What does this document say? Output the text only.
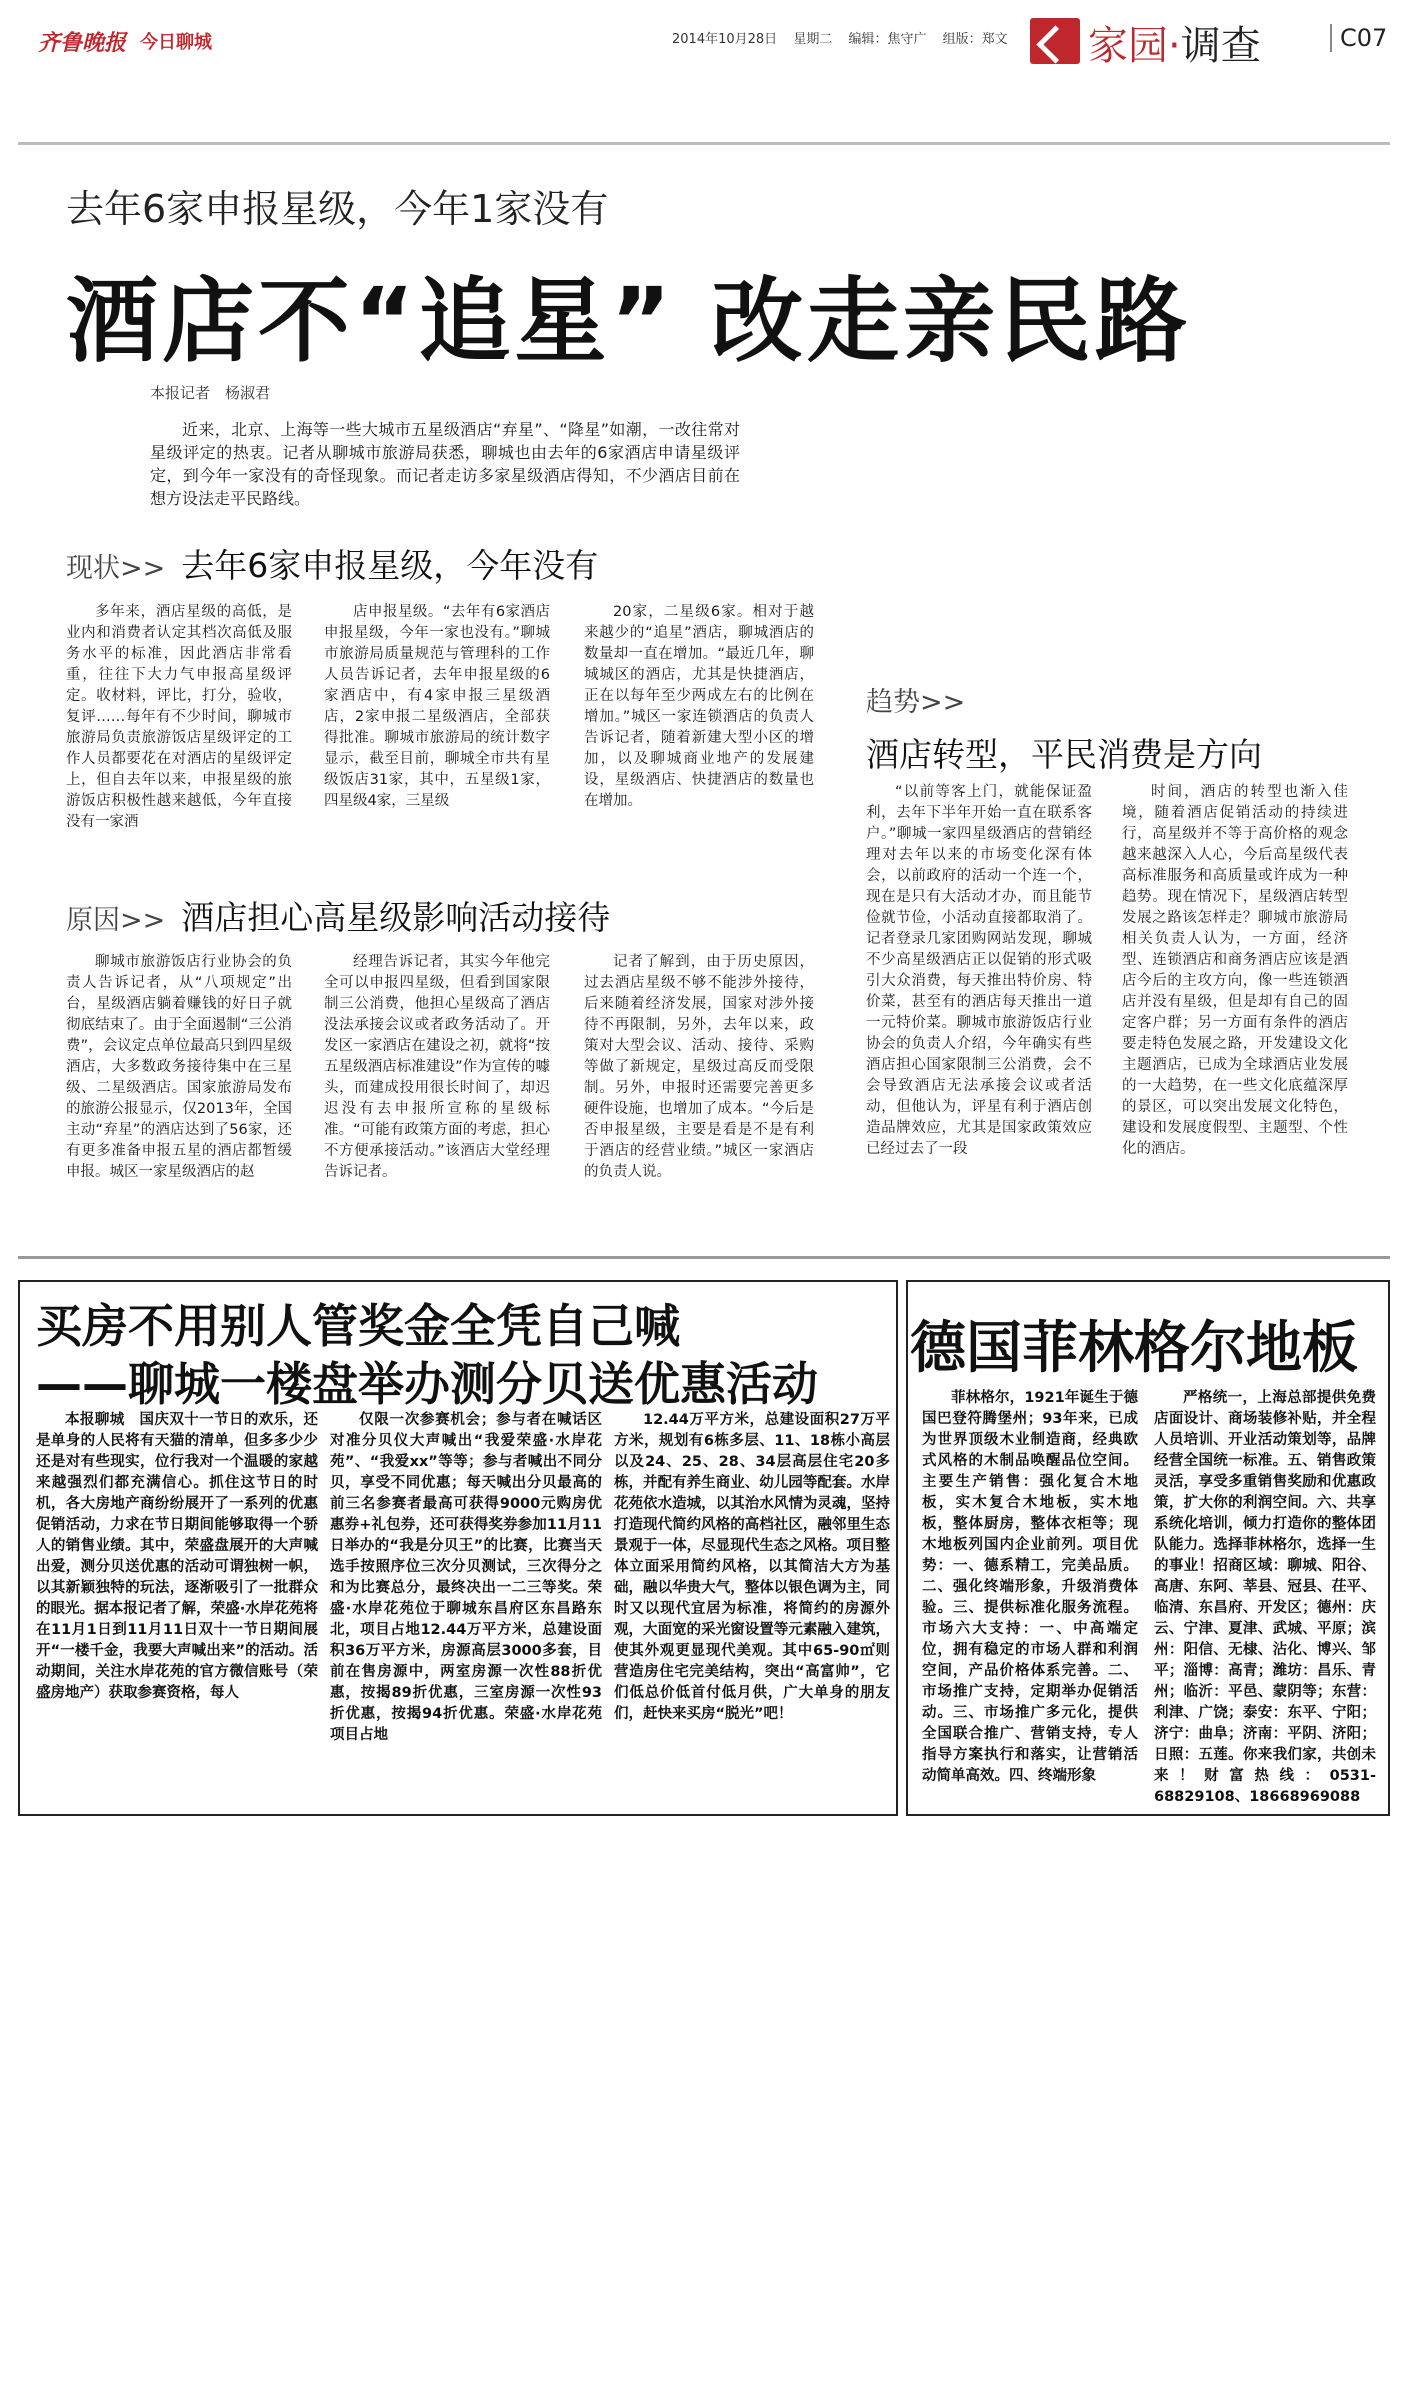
齐鲁晚报 今日聊城	2014年10月28日 星期二 编辑：焦守广 组版：郑文	家园·调查	C07
去年6家申报星级，今年1家没有
酒店不“追星” 改走亲民路
本报记者　杨淑君
近来，北京、上海等一些大城市五星级酒店“弃星”、“降星”如潮，一改往常对星级评定的热衷。记者从聊城市旅游局获悉，聊城也由去年的6家酒店申请星级评定，到今年一家没有的奇怪现象。而记者走访多家星级酒店得知，不少酒店目前在想方设法走平民路线。
现状>> 去年6家申报星级，今年没有

多年来，酒店星级的高低，是业内和消费者认定其档次高低及服务水平的标准，因此酒店非常看重，往往下大力气申报高星级评定。收材料，评比，打分，验收，复评……每年有不少时间，聊城市旅游局负责旅游饭店星级评定的工作人员都要花在对酒店的星级评定上，但自去年以来，申报星级的旅游饭店积极性越来越低，今年直接没有一家酒

店申报星级。“去年有6家酒店申报星级，今年一家也没有。”聊城市旅游局质量规范与管理科的工作人员告诉记者，去年申报星级的6家酒店中，有4家申报三星级酒店，2家申报二星级酒店，全部获得批准。聊城市旅游局的统计数字显示，截至目前，聊城全市共有星级饭店31家，其中，五星级1家，四星级4家，三星级

20家，二星级6家。相对于越来越少的“追星”酒店，聊城酒店的数量却一直在增加。“最近几年，聊城城区的酒店，尤其是快捷酒店，正在以每年至少两成左右的比例在增加。”城区一家连锁酒店的负责人告诉记者，随着新建大型小区的增加，以及聊城商业地产的发展建设，星级酒店、快捷酒店的数量也在增加。

原因>> 酒店担心高星级影响活动接待

聊城市旅游饭店行业协会的负责人告诉记者，从“八项规定”出台，星级酒店躺着赚钱的好日子就彻底结束了。由于全面遏制“三公消费”，会议定点单位最高只到四星级酒店，大多数政务接待集中在三星级、二星级酒店。国家旅游局发布的旅游公报显示，仅2013年，全国主动“弃星”的酒店达到了56家，还有更多准备申报五星的酒店都暂缓申报。城区一家星级酒店的赵

经理告诉记者，其实今年他完全可以申报四星级，但看到国家限制三公消费，他担心星级高了酒店没法承接会议或者政务活动了。开发区一家酒店在建设之初，就将“按五星级酒店标准建设”作为宣传的噱头，而建成投用很长时间了，却迟迟没有去申报所宣称的星级标准。“可能有政策方面的考虑，担心不方便承接活动。”该酒店大堂经理告诉记者。

记者了解到，由于历史原因，过去酒店星级不够不能涉外接待，后来随着经济发展，国家对涉外接待不再限制，另外，去年以来，政策对大型会议、活动、接待、采购等做了新规定，星级过高反而受限制。另外，申报时还需要完善更多硬件设施，也增加了成本。“今后是否申报星级，主要是看是不是有利于酒店的经营业绩。”城区一家酒店的负责人说。

趋势>>
酒店转型，平民消费是方向

“以前等客上门，就能保证盈利，去年下半年开始一直在联系客户。”聊城一家四星级酒店的营销经理对去年以来的市场变化深有体会，以前政府的活动一个连一个，现在是只有大活动才办，而且能节俭就节俭，小活动直接都取消了。记者登录几家团购网站发现，聊城不少高星级酒店正以促销的形式吸引大众消费，每天推出特价房、特价菜，甚至有的酒店每天推出一道一元特价菜。聊城市旅游饭店行业协会的负责人介绍，今年确实有些酒店担心国家限制三公消费，会不会导致酒店无法承接会议或者活动，但他认为，评星有利于酒店创造品牌效应，尤其是国家政策效应已经过去了一段

时间，酒店的转型也渐入佳境，随着酒店促销活动的持续进行，高星级并不等于高价格的观念越来越深入人心，今后高星级代表高标准服务和高质量或许成为一种趋势。现在情况下，星级酒店转型发展之路该怎样走？聊城市旅游局相关负责人认为，一方面，经济型、连锁酒店和商务酒店应该是酒店今后的主攻方向，像一些连锁酒店并没有星级，但是却有自己的固定客户群；另一方面有条件的酒店要走特色发展之路，开发建设文化主题酒店，已成为全球酒店业发展的一大趋势，在一些文化底蕴深厚的景区，可以突出发展文化特色，建设和发展度假型、主题型、个性化的酒店。

买房不用别人管奖金全凭自己喊
——聊城一楼盘举办测分贝送优惠活动

本报聊城　国庆双十一节日的欢乐，还是单身的人民将有天猫的清单，但多多少少还是对有些现实，位行我对一个温暖的家越来越强烈们都充满信心。抓住这节日的时机，各大房地产商纷纷展开了一系列的优惠促销活动，力求在节日期间能够取得一个骄人的销售业绩。其中，荣盛盘展开的大声喊出爱，测分贝送优惠的活动可谓独树一帜，以其新颖独特的玩法，逐渐吸引了一批群众的眼光。据本报记者了解，荣盛·水岸花苑将在11月1日到11月11日双十一节日期间展开“一楼千金，我要大声喊出来”的活动。活动期间，关注水岸花苑的官方微信账号（荣盛房地产）获取参赛资格，每人

仅限一次参赛机会；参与者在喊话区对准分贝仪大声喊出“我爱荣盛·水岸花苑”、“我爱xx”等等；参与者喊出不同分贝，享受不同优惠；每天喊出分贝最高的前三名参赛者最高可获得9000元购房优惠券+礼包券，还可获得奖券参加11月11日举办的“我是分贝王”的比赛，比赛当天选手按照序位三次分贝测试，三次得分之和为比赛总分，最终决出一二三等奖。荣盛·水岸花苑位于聊城东昌府区东昌路东北，项目占地12.44万平方米，总建设面积36万平方米，房源高层3000多套，目前在售房源中，两室房源一次性88折优惠，按揭89折优惠，三室房源一次性93折优惠，按揭94折优惠。荣盛·水岸花苑项目占地

12.44万平方米，总建设面积27万平方米，规划有6栋多层、11、18栋小高层以及24、25、28、34层高层住宅20多栋，并配有养生商业、幼儿园等配套。水岸花苑依水造城，以其治水风情为灵魂，坚持打造现代简约风格的高档社区，融邻里生态景观于一体，尽显现代生态之风格。项目整体立面采用简约风格，以其简洁大方为基础，融以华贵大气，整体以银色调为主，同时又以现代宜居为标准，将简约的房源外观，大面宽的采光窗设置等元素融入建筑，使其外观更显现代美观。其中65-90㎡则营造房住宅完美结构，突出“高富帅”，它们低总价低首付低月供，广大单身的朋友们，赶快来买房“脱光”吧！

德国菲林格尔地板

菲林格尔，1921年诞生于德国巴登符腾堡州；93年来，已成为世界顶级木业制造商，经典欧式风格的木制品唤醒品位空间。主要生产销售：强化复合木地板，实木复合木地板，实木地板，整体厨房，整体衣柜等；现木地板列国内企业前列。项目优势：一、德系精工，完美品质。二、强化终端形象，升级消费体验。三、提供标准化服务流程。市场六大支持：一、中高端定位，拥有稳定的市场人群和利润空间，产品价格体系完善。二、市场推广支持，定期举办促销活动。三、市场推广多元化，提供全国联合推广、营销支持，专人指导方案执行和落实，让营销活动简单高效。四、终端形象

严格统一，上海总部提供免费店面设计、商场装修补贴，并全程人员培训、开业活动策划等，品牌经营全国统一标准。五、销售政策灵活，享受多重销售奖励和优惠政策，扩大你的利润空间。六、共享系统化培训，倾力打造你的整体团队能力。选择菲林格尔，选择一生的事业！招商区域：聊城、阳谷、高唐、东阿、莘县、冠县、茌平、临清、东昌府、开发区；德州：庆云、宁津、夏津、武城、平原；滨州：阳信、无棣、沾化、博兴、邹平；淄博：高青；潍坊：昌乐、青州；临沂：平邑、蒙阴等；东营：利津、广饶；泰安：东平、宁阳；济宁：曲阜；济南：平阴、济阳；日照：五莲。你来我们家，共创未来！财富热线：0531-68829108、18668969088
